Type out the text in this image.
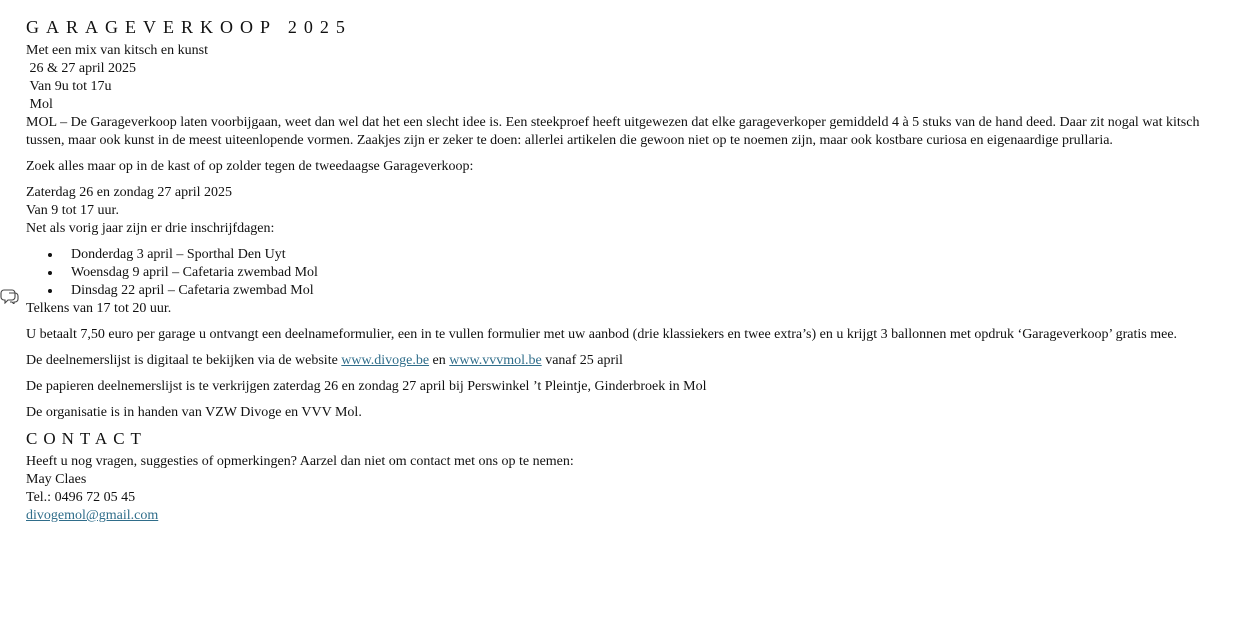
GARAGEVERKOOP 2025
Met een mix van kitsch en kunst
26 & 27 april 2025
Van 9u tot 17u
Mol

MOL – De Garageverkoop laten voorbijgaan, weet dan wel dat het een slecht idee is. Een steekproef heeft uitgewezen dat elke garageverkoper gemiddeld 4 à 5 stuks van de hand deed. Daar zit nogal wat kitsch tussen, maar ook kunst in de meest uiteenlopende vormen. Zaakjes zijn er zeker te doen: allerlei artikelen die gewoon niet op te noemen zijn, maar ook kostbare curiosa en eigenaardige prullaria.

Zoek alles maar op in de kast of op zolder tegen de tweedaagse Garageverkoop:

Zaterdag 26 en zondag 27 april 2025
Van 9 tot 17 uur.
Net als vorig jaar zijn er drie inschrijfdagen:
Donderdag 3 april – Sporthal Den Uyt
Woensdag 9 april – Cafetaria zwembad Mol
Dinsdag 22 april – Cafetaria zwembad Mol
Telkens van 17 tot 20 uur.

U betaalt 7,50 euro per garage u ontvangt een deelnameformulier, een in te vullen formulier met uw aanbod (drie klassiekers en twee extra’s) en u krijgt 3 ballonnen met opdruk ‘Garageverkoop’ gratis mee.

De deelnemerslijst is digitaal te bekijken via de website www.divoge.be en www.vvvmol.be vanaf 25 april

De papieren deelnemerslijst is te verkrijgen zaterdag 26 en zondag 27 april bij Perswinkel ’t Pleintje, Ginderbroek in Mol

De organisatie is in handen van VZW Divoge en VVV Mol.

CONTACT
Heeft u nog vragen, suggesties of opmerkingen? Aarzel dan niet om contact met ons op te nemen:
May Claes
Tel.: 0496 72 05 45
divogemol@gmail.com
